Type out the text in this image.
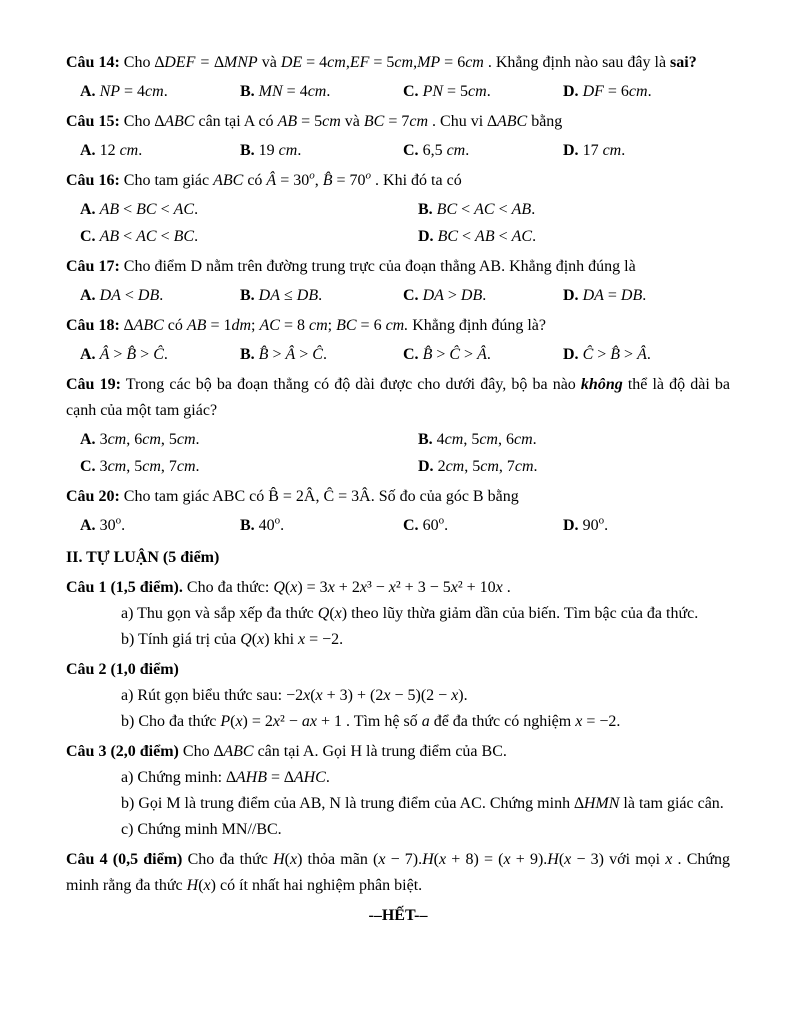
Câu 14: Cho ∆DEF = ∆MNP và DE = 4cm,EF = 5cm,MP = 6cm . Khẳng định nào sau đây là sai?

A. NP = 4cm.	B. MN = 4cm.	C. PN = 5cm.	D. DF = 6cm.

Câu 15: Cho ∆ABC cân tại A có AB = 5cm và BC = 7cm . Chu vi ∆ABC bằng

A. 12 cm.	B. 19 cm.	C. 6,5 cm.	D. 17 cm.

Câu 16: Cho tam giác ABC có Â = $30^o$, B̂ = $70^o$ . Khi đó ta có

A. AB < BC < AC.	B. BC < AC < AB.
C. AB < AC < BC.	D. BC < AB < AC.

Câu 17: Cho điểm D nằm trên đường trung trực của đoạn thẳng AB. Khẳng định đúng là

A. DA < DB.	B. DA ≤ DB.	C. DA > DB.	D. DA = DB.

Câu 18: ∆ABC có AB = 1dm; AC = 8 cm; BC = 6 cm. Khẳng định đúng là?

A. Â > B̂ > Ĉ.	B. B̂ > Â > Ĉ.	C. B̂ > Ĉ > Â.	D. Ĉ > B̂ > Â.

Câu 19: Trong các bộ ba đoạn thẳng có độ dài được cho dưới đây, bộ ba nào không thể là độ dài ba cạnh của một tam giác?

A. 3cm, 6cm, 5cm.	B. 4cm, 5cm, 6cm.
C. 3cm, 5cm, 7cm.	D. 2cm, 5cm, 7cm.

Câu 20: Cho tam giác ABC có B̂ = 2Â, Ĉ = 3Â. Số đo của góc B bằng

A. 30$^o$.	B. 40$^o$.	C. 60$^o$.	D. 90$^o$.

II. TỰ LUẬN (5 điểm)

Câu 1 (1,5 điểm). Cho đa thức: Q(x) = 3x + 2x³ − x² + 3 − 5x² + 10x .

a) Thu gọn và sắp xếp đa thức Q(x) theo lũy thừa giảm dần của biến. Tìm bậc của đa thức.

b) Tính giá trị của Q(x) khi x = −2.

Câu 2 (1,0 điểm)

a) Rút gọn biểu thức sau: −2x(x + 3) + (2x − 5)(2 − x).

b) Cho đa thức P(x) = 2x² − ax + 1 . Tìm hệ số a để đa thức có nghiệm x = −2.

Câu 3 (2,0 điểm) Cho ∆ABC cân tại A. Gọi H là trung điểm của BC.

a) Chứng minh: ∆AHB = ∆AHC.

b) Gọi M là trung điểm của AB, N là trung điểm của AC. Chứng minh ∆HMN là tam giác cân.

c) Chứng minh MN//BC.

Câu 4 (0,5 điểm) Cho đa thức H(x) thỏa mãn (x − 7).H(x + 8) = (x + 9).H(x − 3) với mọi x . Chứng minh rằng đa thức H(x) có ít nhất hai nghiệm phân biệt.

-–HẾT-–
